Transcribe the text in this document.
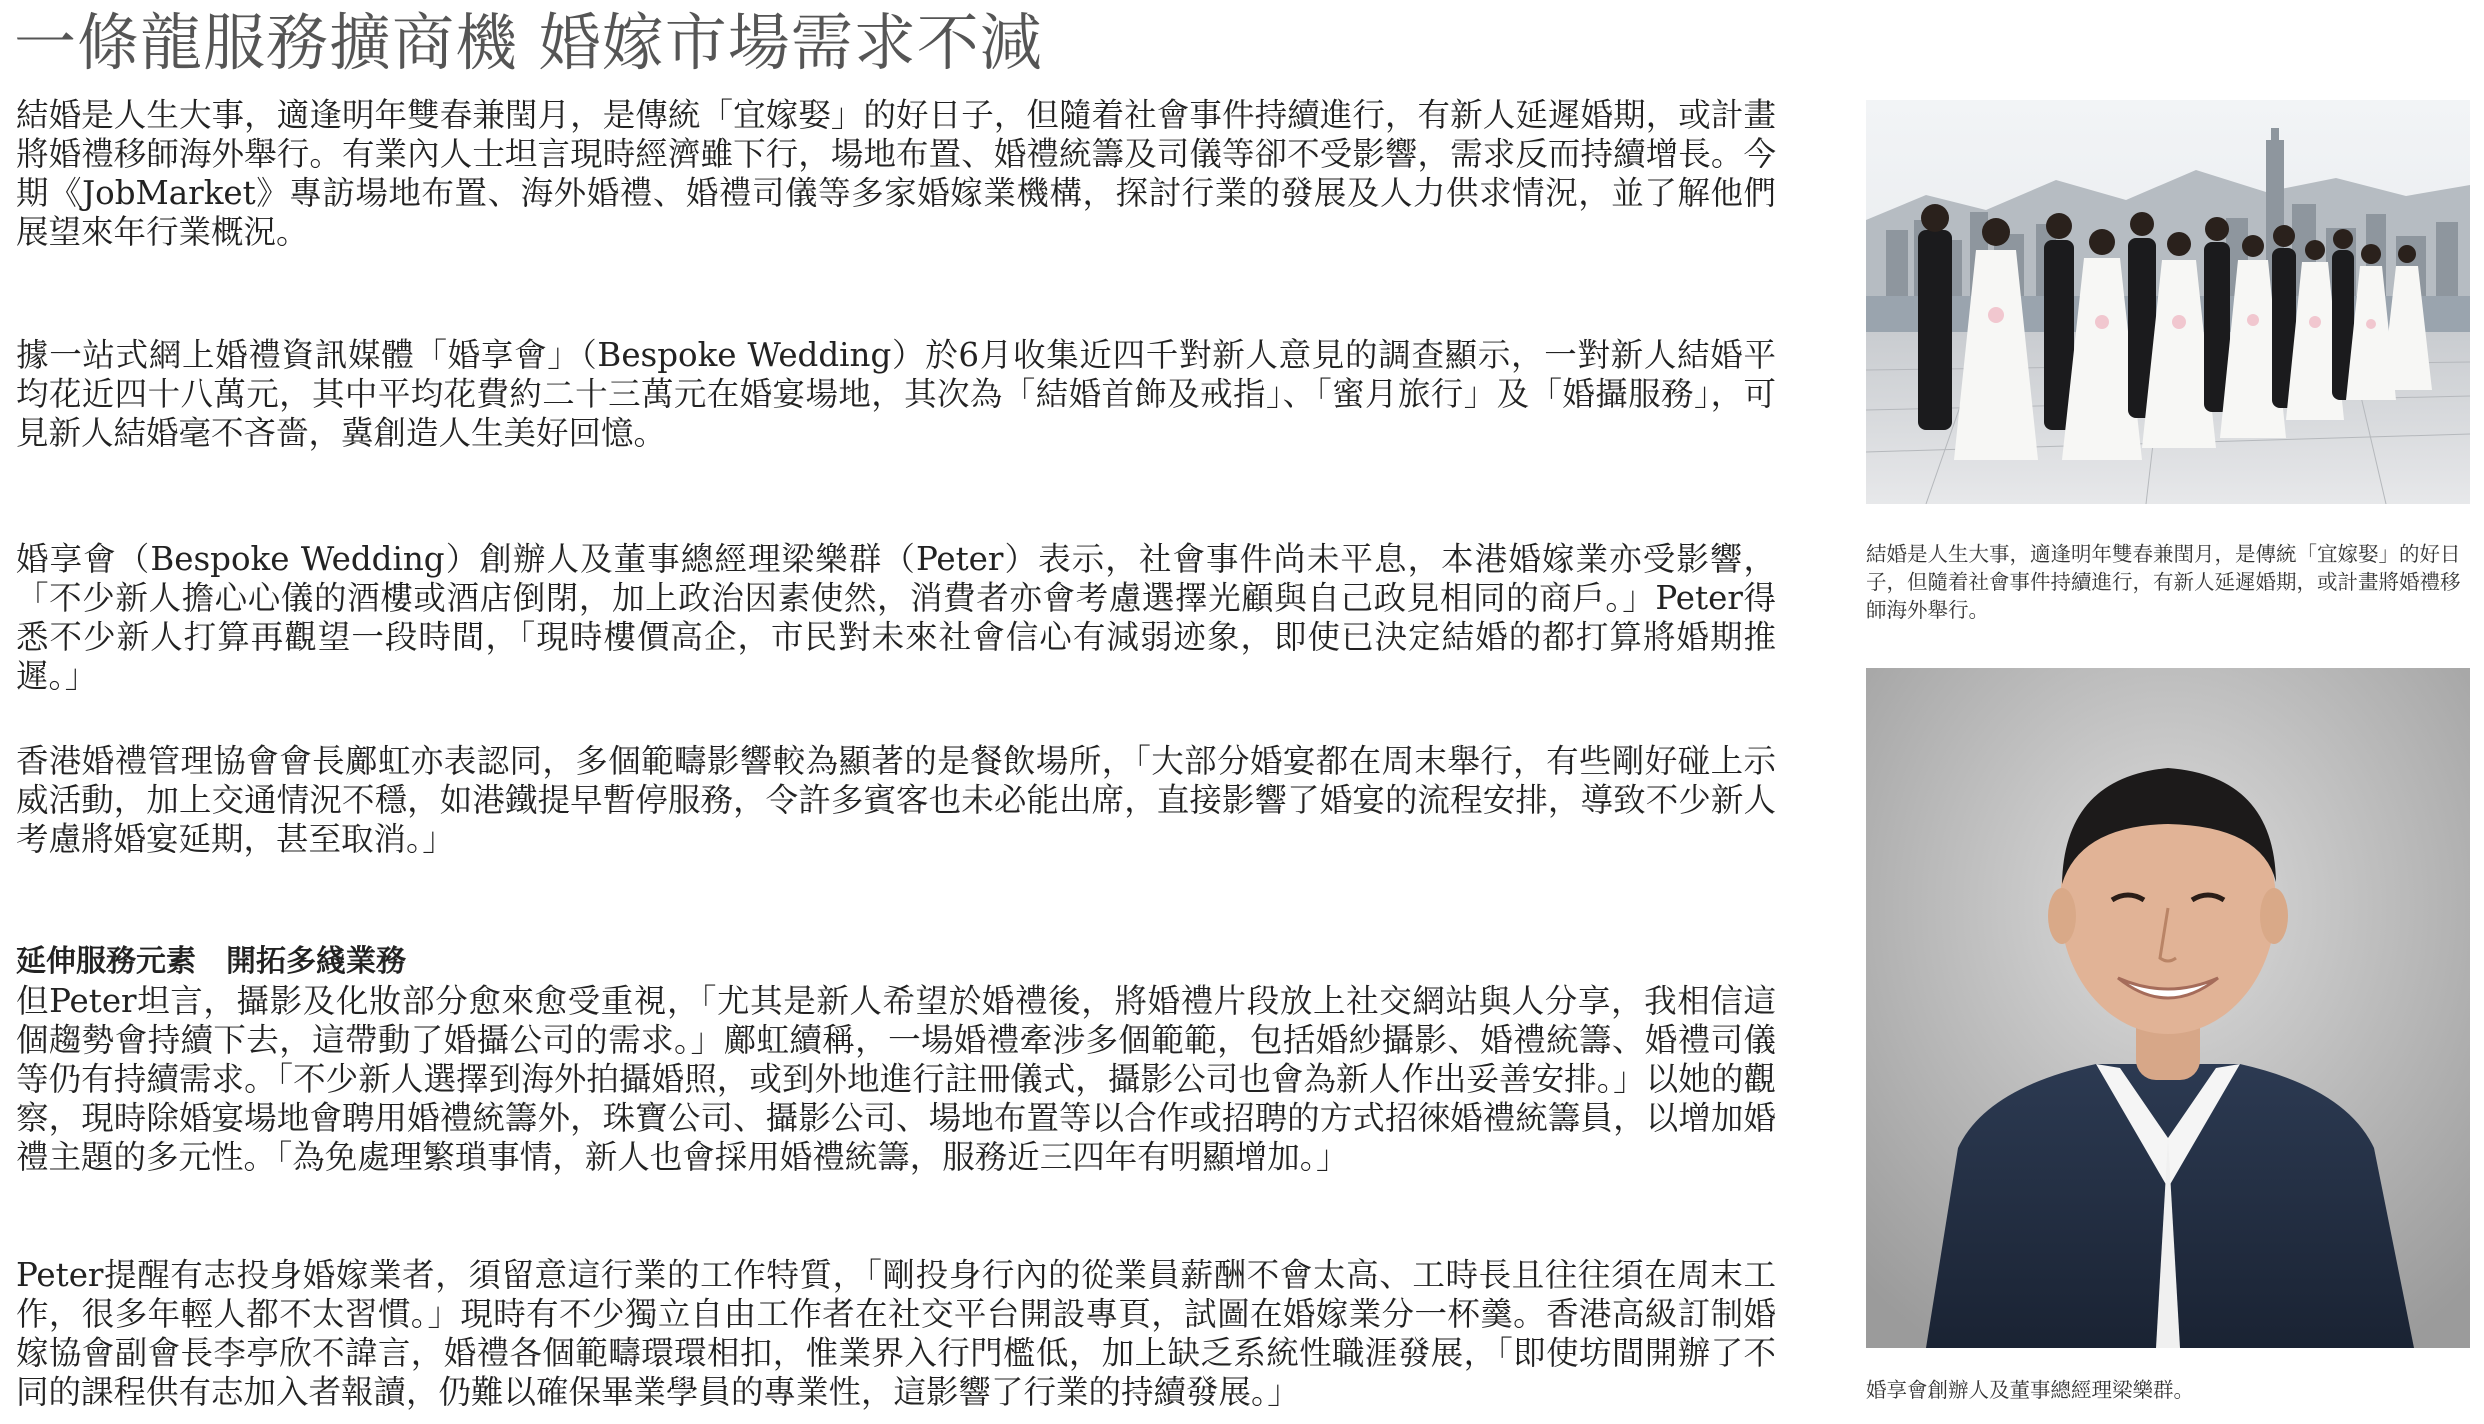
一條龍服務擴商機 婚嫁市場需求不減

結婚是人生大事，適逢明年雙春兼閏月，是傳統「宜嫁娶」的好日子，但隨着社會事件持續進行，有新人延遲婚期，或計畫將婚禮移師海外舉行。有業內人士坦言現時經濟雖下行，場地布置、婚禮統籌及司儀等卻不受影響，需求反而持續增長。今期《JobMarket》專訪場地布置、海外婚禮、婚禮司儀等多家婚嫁業機構，探討行業的發展及人力供求情況，並了解他們展望來年行業概況。

據一站式網上婚禮資訊媒體「婚享會」（Bespoke Wedding）於6月收集近四千對新人意見的調查顯示，一對新人結婚平均花近四十八萬元，其中平均花費約二十三萬元在婚宴場地，其次為「結婚首飾及戒指」、「蜜月旅行」及「婚攝服務」，可見新人結婚毫不吝嗇，冀創造人生美好回憶。

婚享會（Bespoke Wedding）創辦人及董事總經理梁樂群（Peter）表示，社會事件尚未平息，本港婚嫁業亦受影響，「不少新人擔心心儀的酒樓或酒店倒閉，加上政治因素使然，消費者亦會考慮選擇光顧與自己政見相同的商戶。」Peter得悉不少新人打算再觀望一段時間，「現時樓價高企，市民對未來社會信心有減弱迹象，即使已決定結婚的都打算將婚期推遲。」

香港婚禮管理協會會長鄺虹亦表認同，多個範疇影響較為顯著的是餐飲場所，「大部分婚宴都在周末舉行，有些剛好碰上示威活動，加上交通情況不穩，如港鐵提早暫停服務，令許多賓客也未必能出席，直接影響了婚宴的流程安排，導致不少新人考慮將婚宴延期，甚至取消。」

延伸服務元素　開拓多綫業務

但Peter坦言，攝影及化妝部分愈來愈受重視，「尤其是新人希望於婚禮後，將婚禮片段放上社交網站與人分享，我相信這個趨勢會持續下去，這帶動了婚攝公司的需求。」鄺虹續稱，一場婚禮牽涉多個範範，包括婚紗攝影、婚禮統籌、婚禮司儀等仍有持續需求。「不少新人選擇到海外拍攝婚照，或到外地進行註冊儀式，攝影公司也會為新人作出妥善安排。」以她的觀察，現時除婚宴場地會聘用婚禮統籌外，珠寶公司、攝影公司、場地布置等以合作或招聘的方式招徠婚禮統籌員，以增加婚禮主題的多元性。「為免處理繁瑣事情，新人也會採用婚禮統籌，服務近三四年有明顯增加。」

Peter提醒有志投身婚嫁業者，須留意這行業的工作特質，「剛投身行內的從業員薪酬不會太高、工時長且往往須在周末工作，很多年輕人都不太習慣。」現時有不少獨立自由工作者在社交平台開設專頁，試圖在婚嫁業分一杯羹。香港高級訂制婚嫁協會副會長李亭欣不諱言，婚禮各個範疇環環相扣，惟業界入行門檻低，加上缺乏系統性職涯發展，「即使坊間開辦了不同的課程供有志加入者報讀，仍難以確保畢業學員的專業性，這影響了行業的持續發展。」

結婚是人生大事，適逢明年雙春兼閏月，是傳統「宜嫁娶」的好日子，但隨着社會事件持續進行，有新人延遲婚期，或計畫將婚禮移師海外舉行。

婚享會創辦人及董事總經理梁樂群。
